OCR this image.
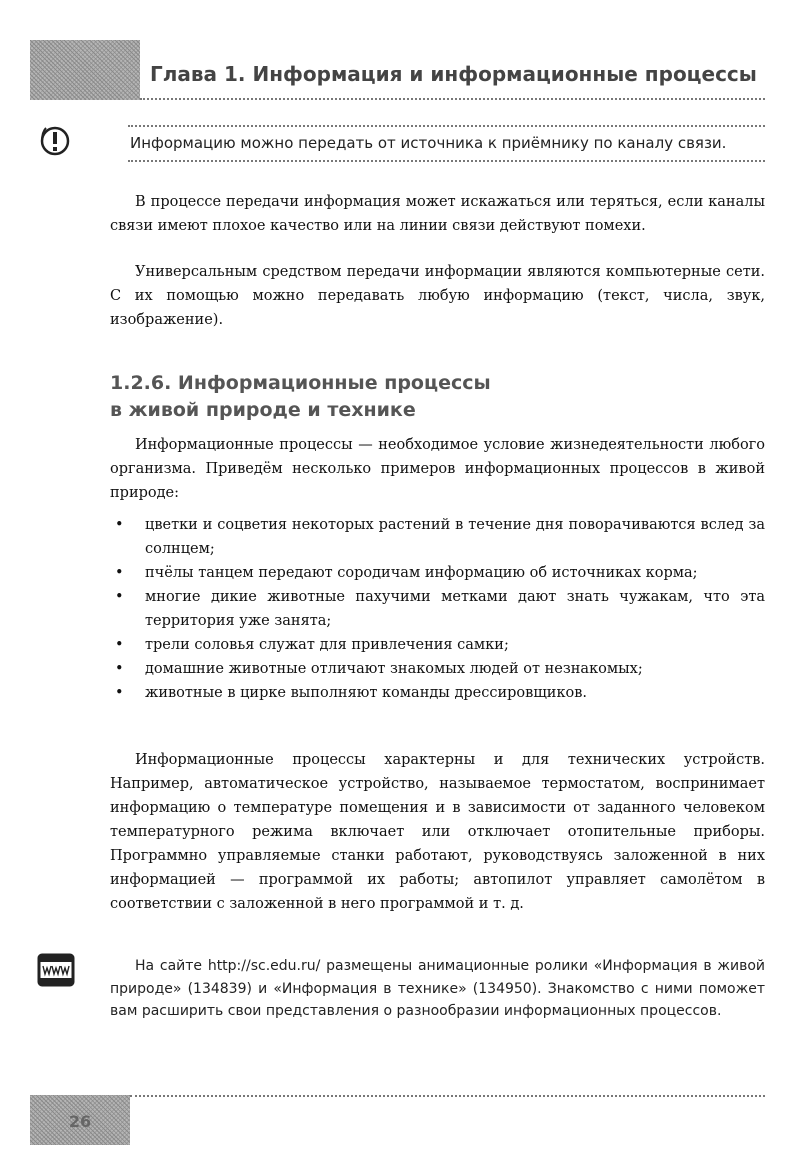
Глава 1. Информация и информационные процессы
Информацию можно передать от источника к приёмнику по каналу связи.

В процессе передачи информация может искажаться или теряться, если каналы связи имеют плохое качество или на линии связи действуют помехи.

Универсальным средством передачи информации являются компьютерные сети. С их помощью можно передавать любую информацию (текст, числа, звук, изображение).

1.2.6. Информационные процессы
в живой природе и технике

Информационные процессы — необходимое условие жизнедеятельности любого организма. Приведём несколько примеров информационных процессов в живой природе:

• цветки и соцветия некоторых растений в течение дня поворачиваются вслед за солнцем;
• пчёлы танцем передают сородичам информацию об источниках корма;
• многие дикие животные пахучими метками дают знать чужакам, что эта территория уже занята;
• трели соловья служат для привлечения самки;
• домашние животные отличают знакомых людей от незнакомых;
• животные в цирке выполняют команды дрессировщиков.

Информационные процессы характерны и для технических устройств. Например, автоматическое устройство, называемое термостатом, воспринимает информацию о температуре помещения и в зависимости от заданного человеком температурного режима включает или отключает отопительные приборы. Программно управляемые станки работают, руководствуясь заложенной в них информацией — программой их работы; автопилот управляет самолётом в соответствии с заложенной в него программой и т. д.

На сайте http://sc.edu.ru/ размещены анимационные ролики «Информация в живой природе» (134839) и «Информация в технике» (134950). Знакомство с ними поможет вам расширить свои представления о разнообразии информационных процессов.

26
